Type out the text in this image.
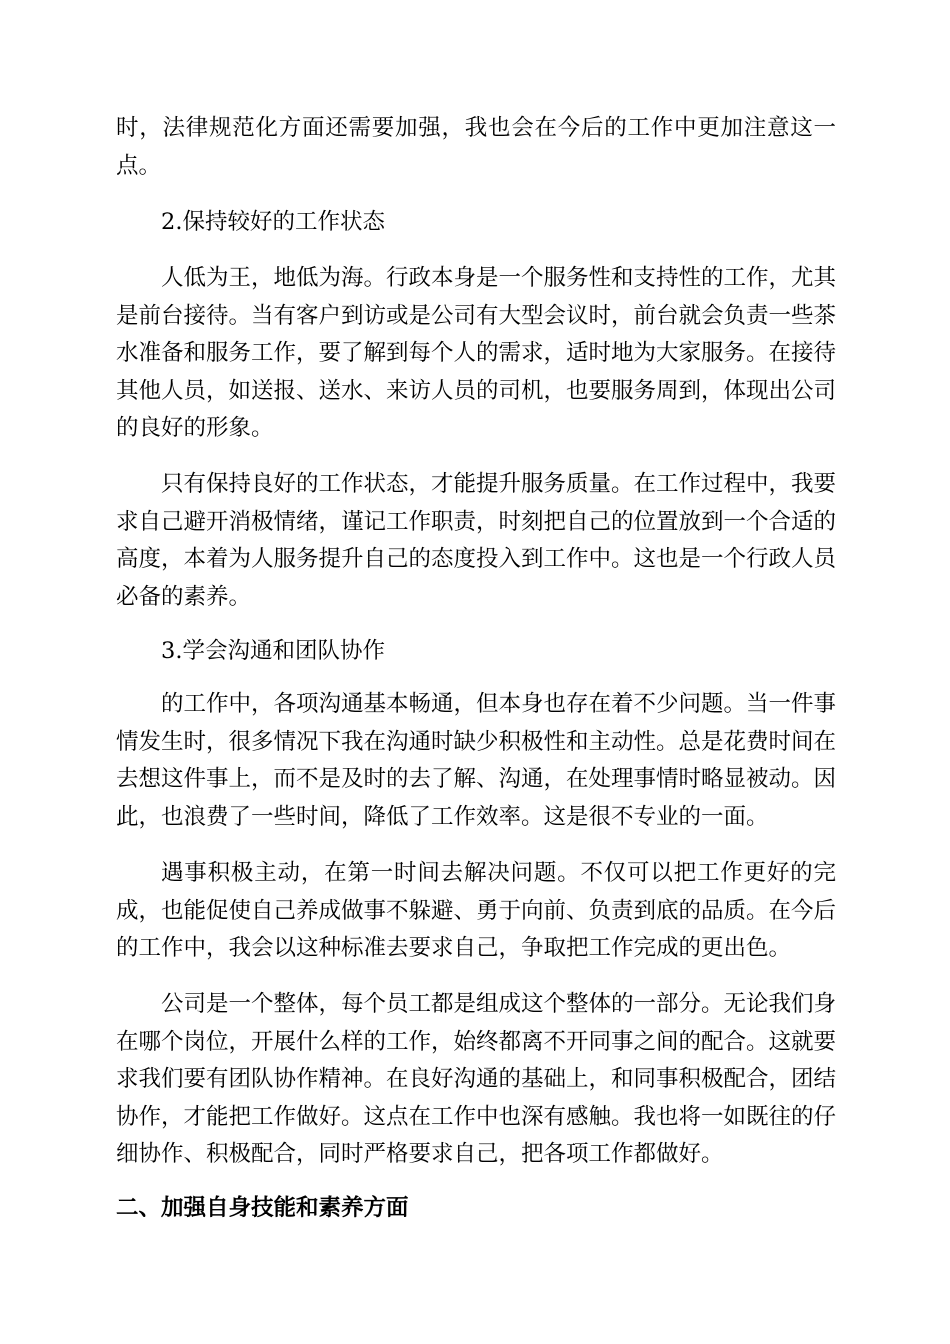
时，法律规范化方面还需要加强，我也会在今后的工作中更加注意这一点。

2.保持较好的工作状态

人低为王，地低为海。行政本身是一个服务性和支持性的工作，尤其是前台接待。当有客户到访或是公司有大型会议时，前台就会负责一些茶水准备和服务工作，要了解到每个人的需求，适时地为大家服务。在接待其他人员，如送报、送水、来访人员的司机，也要服务周到，体现出公司的良好的形象。

只有保持良好的工作状态，才能提升服务质量。在工作过程中，我要求自己避开消极情绪，谨记工作职责，时刻把自己的位置放到一个合适的高度，本着为人服务提升自己的态度投入到工作中。这也是一个行政人员必备的素养。

3.学会沟通和团队协作

的工作中，各项沟通基本畅通，但本身也存在着不少问题。当一件事情发生时，很多情况下我在沟通时缺少积极性和主动性。总是花费时间在去想这件事上，而不是及时的去了解、沟通，在处理事情时略显被动。因此，也浪费了一些时间，降低了工作效率。这是很不专业的一面。

遇事积极主动，在第一时间去解决问题。不仅可以把工作更好的完成，也能促使自己养成做事不躲避、勇于向前、负责到底的品质。在今后的工作中，我会以这种标准去要求自己，争取把工作完成的更出色。

公司是一个整体，每个员工都是组成这个整体的一部分。无论我们身在哪个岗位，开展什么样的工作，始终都离不开同事之间的配合。这就要求我们要有团队协作精神。在良好沟通的基础上，和同事积极配合，团结协作，才能把工作做好。这点在工作中也深有感触。我也将一如既往的仔细协作、积极配合，同时严格要求自己，把各项工作都做好。

二、加强自身技能和素养方面
